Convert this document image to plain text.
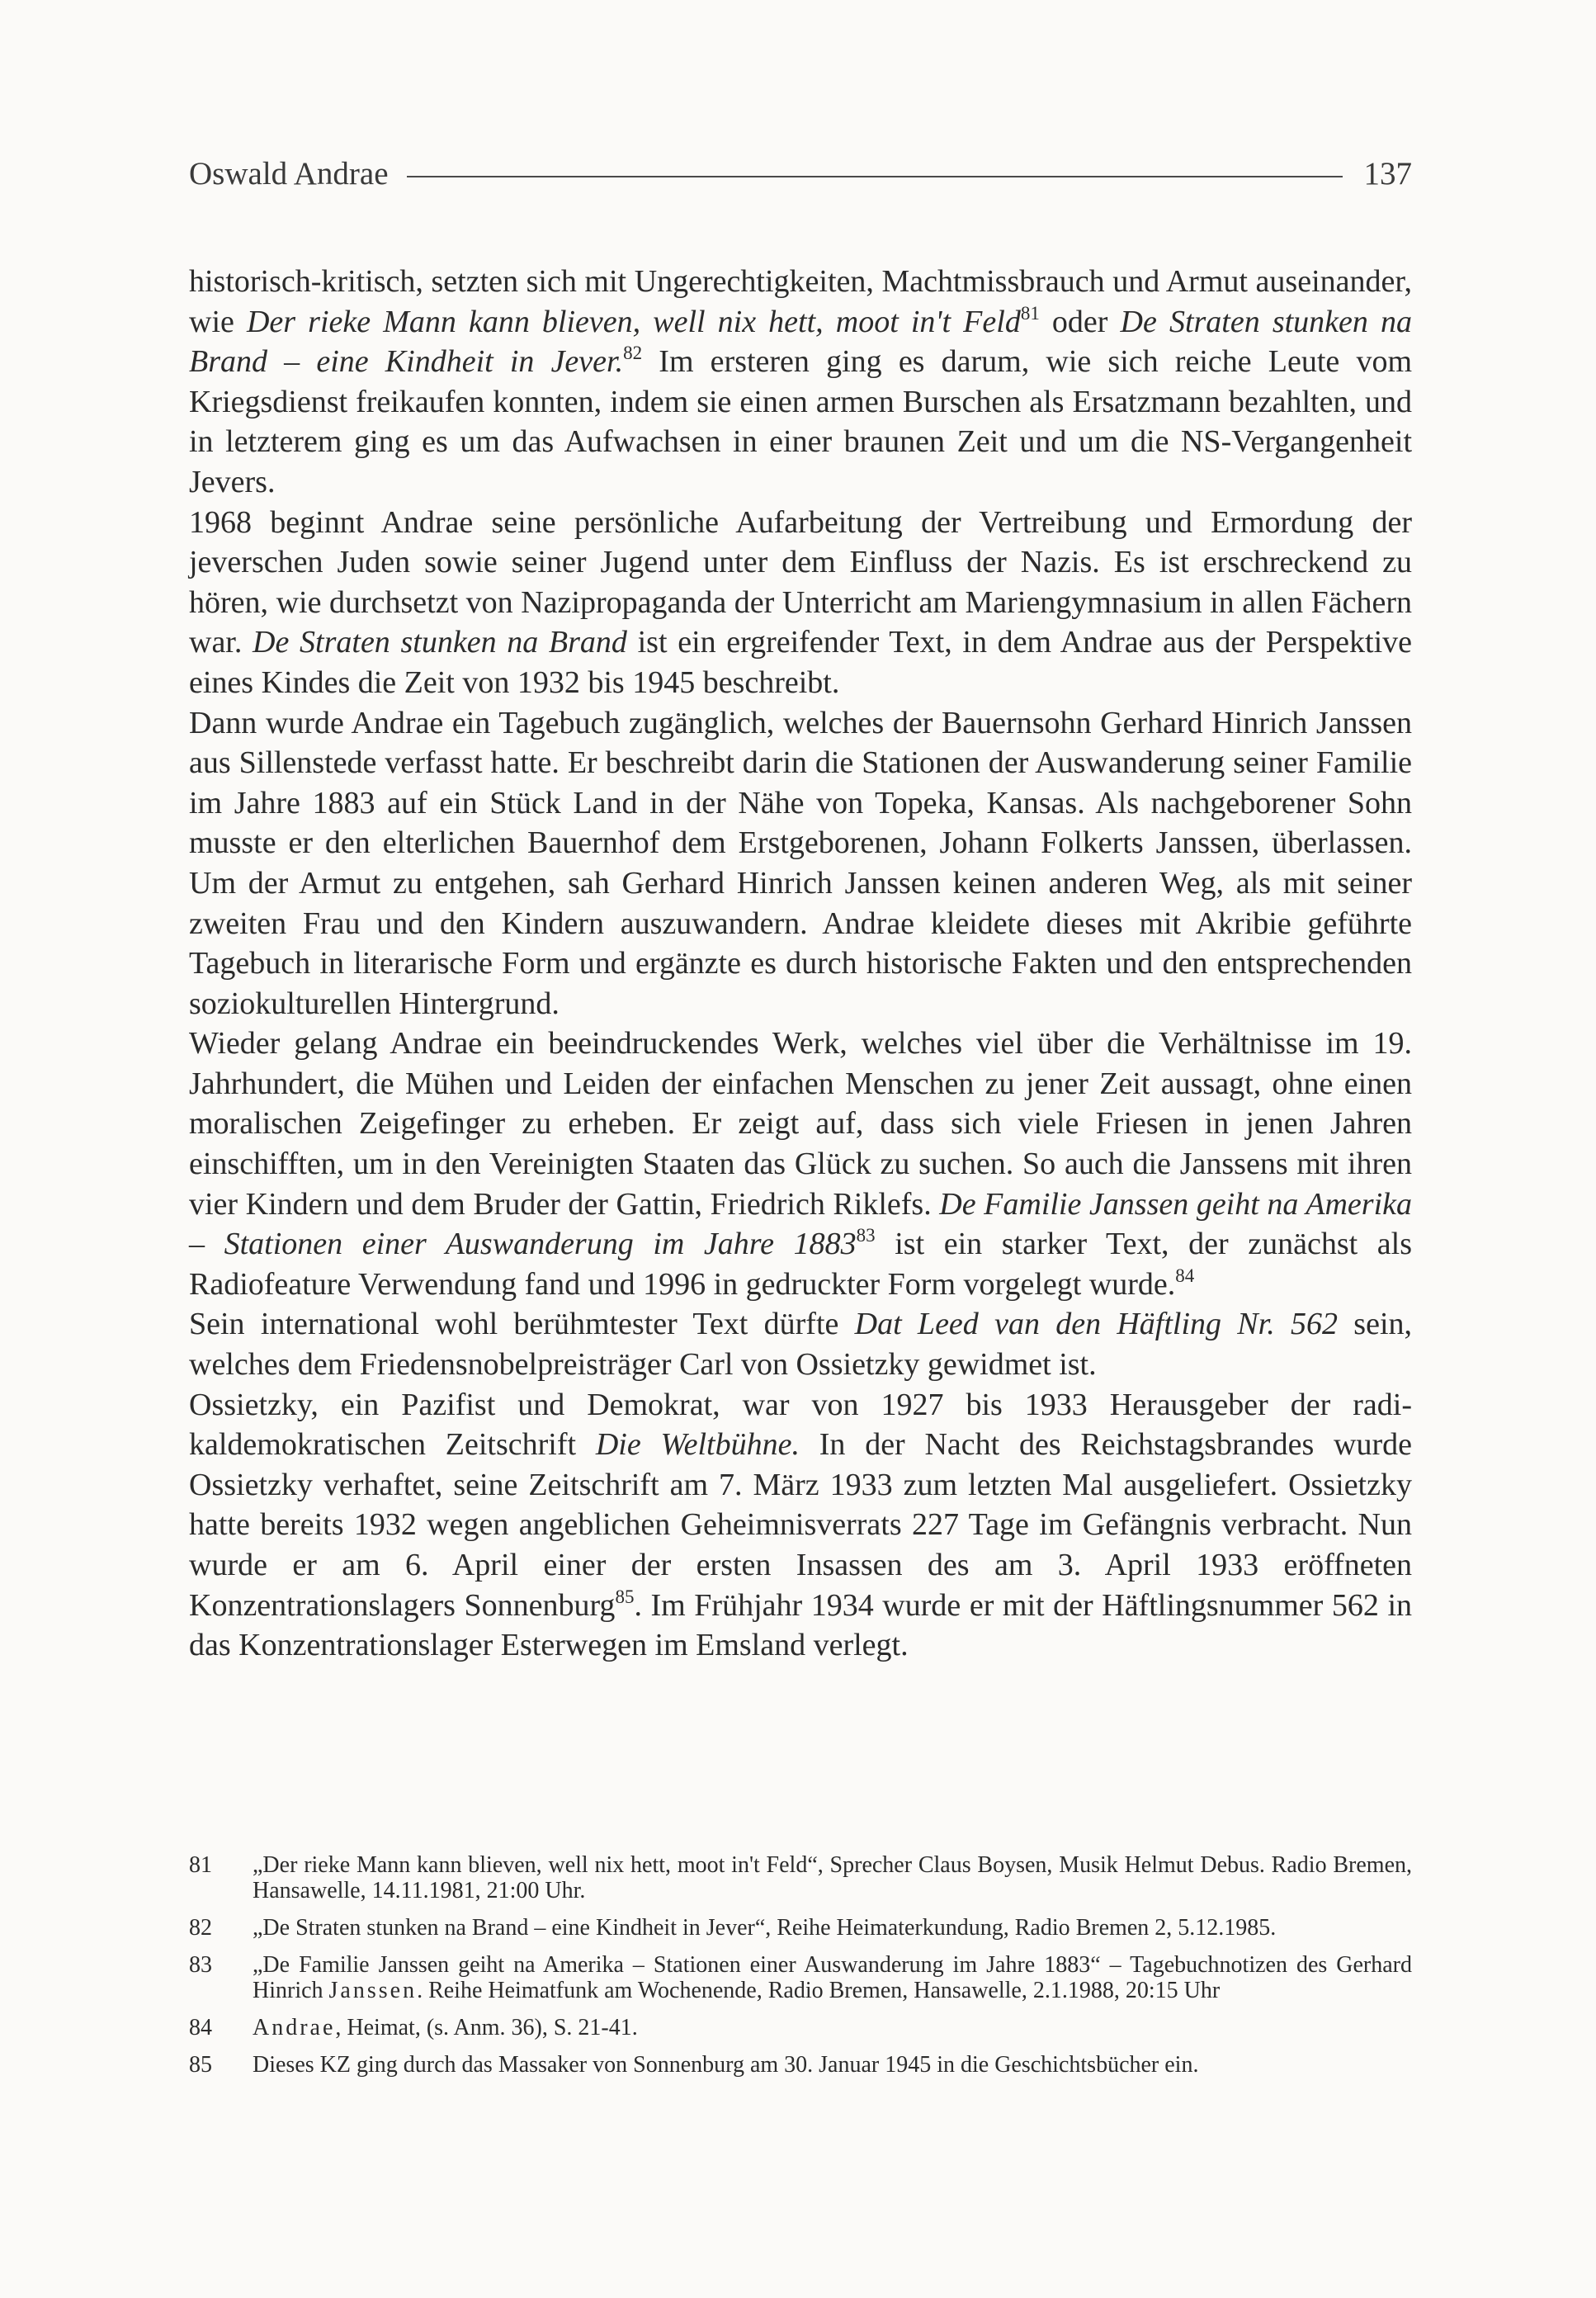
Oswald Andrae	137

historisch-kritisch, setzten sich mit Ungerechtigkeiten, Machtmissbrauch und Armut auseinander, wie Der rieke Mann kann blieven, well nix hett, moot in't Feld$^{81}$ oder De Straten stunken na Brand – eine Kindheit in Jever.$^{82}$ Im ersteren ging es darum, wie sich reiche Leute vom Kriegsdienst freikaufen konnten, indem sie einen armen Burschen als Ersatzmann bezahlten, und in letzterem ging es um das Aufwachsen in einer braunen Zeit und um die NS-Vergangenheit Jevers.

1968 beginnt Andrae seine persönliche Aufarbeitung der Vertreibung und Ermordung der jeverschen Juden sowie seiner Jugend unter dem Einfluss der Nazis. Es ist erschreckend zu hören, wie durchsetzt von Nazipropaganda der Unterricht am Mariengymnasium in allen Fächern war. De Straten stunken na Brand ist ein ergreifender Text, in dem Andrae aus der Perspektive eines Kindes die Zeit von 1932 bis 1945 beschreibt.

Dann wurde Andrae ein Tagebuch zugänglich, welches der Bauernsohn Gerhard Hinrich Janssen aus Sillenstede verfasst hatte. Er beschreibt darin die Stationen der Auswanderung seiner Familie im Jahre 1883 auf ein Stück Land in der Nähe von Topeka, Kansas. Als nachgeborener Sohn musste er den elterlichen Bauernhof dem Erstgeborenen, Johann Folkerts Janssen, überlassen. Um der Armut zu entgehen, sah Gerhard Hinrich Janssen keinen anderen Weg, als mit seiner zweiten Frau und den Kindern auszuwandern. Andrae kleidete dieses mit Akribie geführte Tagebuch in literarische Form und ergänzte es durch historische Fakten und den entsprechenden soziokulturellen Hintergrund.

Wieder gelang Andrae ein beeindruckendes Werk, welches viel über die Verhältnisse im 19. Jahrhundert, die Mühen und Leiden der einfachen Menschen zu jener Zeit aussagt, ohne einen moralischen Zeigefinger zu erheben. Er zeigt auf, dass sich viele Friesen in jenen Jahren einschifften, um in den Vereinigten Staaten das Glück zu suchen. So auch die Janssens mit ihren vier Kindern und dem Bruder der Gattin, Friedrich Riklefs. De Familie Janssen geiht na Amerika – Stationen einer Auswanderung im Jahre 1883$^{83}$ ist ein starker Text, der zunächst als Radiofeature Verwendung fand und 1996 in gedruckter Form vorgelegt wurde.$^{84}$

Sein international wohl berühmtester Text dürfte Dat Leed van den Häftling Nr. 562 sein, welches dem Friedensnobelpreisträger Carl von Ossietzky gewidmet ist.

Ossietzky, ein Pazifist und Demokrat, war von 1927 bis 1933 Herausgeber der radikaldemokratischen Zeitschrift Die Weltbühne. In der Nacht des Reichstagsbrandes wurde Ossietzky verhaftet, seine Zeitschrift am 7. März 1933 zum letzten Mal ausgeliefert. Ossietzky hatte bereits 1932 wegen angeblichen Geheimnisverrats 227 Tage im Gefängnis verbracht. Nun wurde er am 6. April einer der ersten Insassen des am 3. April 1933 eröffneten Konzentrationslagers Sonnenburg$^{85}$. Im Frühjahr 1934 wurde er mit der Häftlingsnummer 562 in das Konzentrationslager Esterwegen im Emsland verlegt.

81	„Der rieke Mann kann blieven, well nix hett, moot in't Feld“, Sprecher Claus Boysen, Musik Helmut Debus. Radio Bremen, Hansawelle, 14.11.1981, 21:00 Uhr.
82	„De Straten stunken na Brand – eine Kindheit in Jever“, Reihe Heimaterkundung, Radio Bremen 2, 5.12.1985.
83	„De Familie Janssen geiht na Amerika – Stationen einer Auswanderung im Jahre 1883“ – Tagebuchnotizen des Gerhard Hinrich Janssen. Reihe Heimatfunk am Wochenende, Radio Bremen, Hansawelle, 2.1.1988, 20:15 Uhr
84	Andrae, Heimat, (s. Anm. 36), S. 21-41.
85	Dieses KZ ging durch das Massaker von Sonnenburg am 30. Januar 1945 in die Geschichtsbücher ein.
